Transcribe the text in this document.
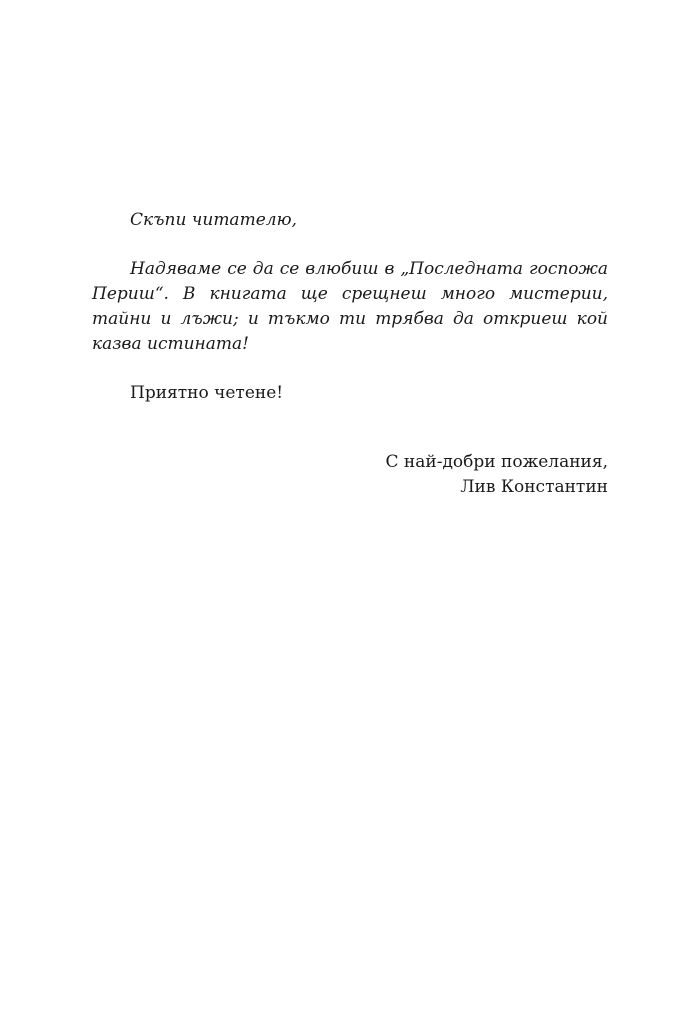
Скъпи читателю,

Надяваме се да се влюбиш в „Последната госпожа Периш“. В книгата ще срещнеш много мистерии, тайни и лъжи; и тъкмо ти трябва да откриеш кой казва истината!

Приятно четене!

С най-добри пожелания,
Лив Константин
